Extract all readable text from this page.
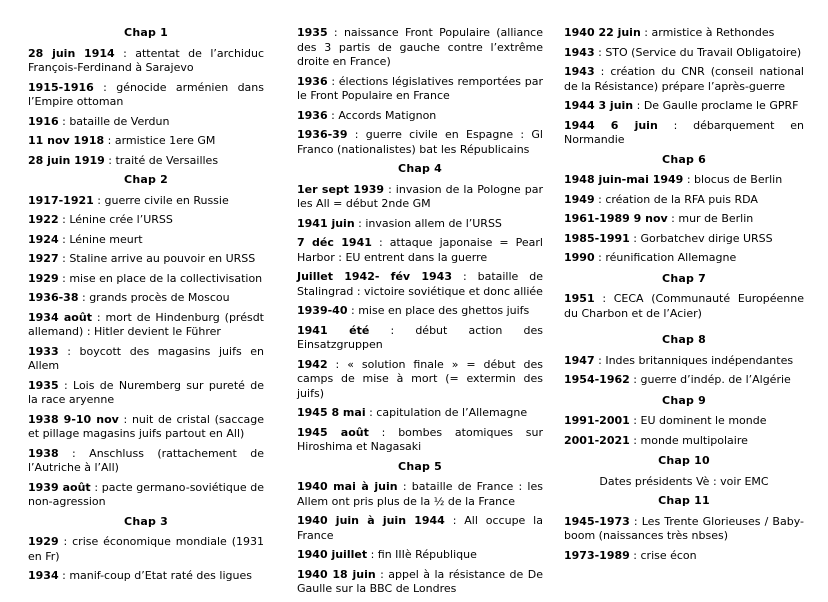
Chap 1
28 juin 1914 : attentat de l’archiduc François-Ferdinand à Sarajevo
1915-1916 : génocide arménien dans l’Empire ottoman
1916 : bataille de Verdun
11 nov 1918 : armistice 1ere GM
28 juin 1919 : traité de Versailles
Chap 2
1917-1921 : guerre civile en Russie
1922 : Lénine crée l’URSS
1924 : Lénine meurt
1927 : Staline arrive au pouvoir en URSS
1929 : mise en place de la collectivisation
1936-38 : grands procès de Moscou
1934 août : mort de Hindenburg (présdt allemand) : Hitler devient le Führer
1933 : boycott des magasins juifs en Allem
1935 : Lois de Nuremberg sur pureté de la race aryenne
1938 9-10 nov : nuit de cristal (saccage et pillage magasins juifs partout en All)
1938 : Anschluss (rattachement de l’Autriche à l’All)
1939 août : pacte germano-soviétique de non-agression
Chap 3
1929 : crise économique mondiale (1931 en Fr)
1934 : manif-coup d’Etat raté des ligues
1935 : naissance Front Populaire (alliance des 3 partis de gauche contre l’extrême droite en France)
1936 : élections législatives remportées par le Front Populaire en France
1936 : Accords Matignon
1936-39 : guerre civile en Espagne : Gl Franco (nationalistes) bat les Républicains
Chap 4
1er sept 1939 : invasion de la Pologne par les All = début 2nde GM
1941 juin : invasion allem de l’URSS
7 déc 1941 : attaque japonaise = Pearl Harbor : EU entrent dans la guerre
Juillet 1942- fév 1943 : bataille de Stalingrad : victoire soviétique et donc alliée
1939-40 : mise en place des ghettos juifs
1941 été : début action des Einsatzgruppen
1942 : « solution finale » = début des camps de mise à mort (= extermin des juifs)
1945 8 mai : capitulation de l’Allemagne
1945 août : bombes atomiques sur Hiroshima et Nagasaki
Chap 5
1940 mai à juin : bataille de France : les Allem ont pris plus de la ½ de la France
1940 juin à juin 1944 : All occupe la France
1940 juillet : fin IIIè République
1940 18 juin : appel à la résistance de De Gaulle sur la BBC de Londres
1940 22 juin : armistice à Rethondes
1943 : STO (Service du Travail Obligatoire)
1943 : création du CNR (conseil national de la Résistance) prépare l’après-guerre
1944 3 juin : De Gaulle proclame le GPRF
1944 6 juin : débarquement en Normandie
Chap 6
1948 juin-mai 1949 : blocus de Berlin
1949 : création de la RFA puis RDA
1961-1989 9 nov : mur de Berlin
1985-1991 : Gorbatchev dirige URSS
1990 : réunification Allemagne
Chap 7
1951 : CECA (Communauté Européenne du Charbon et de l’Acier)
Chap 8
1947 : Indes britanniques indépendantes
1954-1962 : guerre d’indép. de l’Algérie
Chap 9
1991-2001 : EU dominent le monde
2001-2021 : monde multipolaire
Chap 10
Dates présidents Vè : voir EMC
Chap 11
1945-1973 : Les Trente Glorieuses / Baby-boom (naissances très nbses)
1973-1989 : crise écon
